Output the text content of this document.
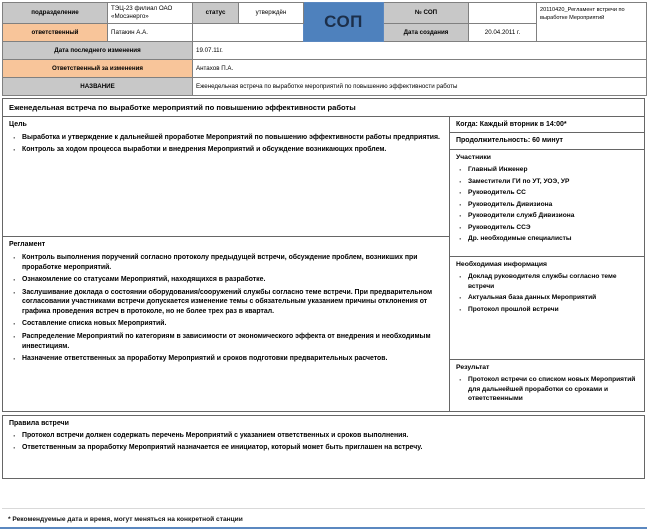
подразделение	ТЭЦ-23 филиал ОАО «Мосэнерго»	статус	утверждён	СОП	№ СОП		20110420_Регламент встречи по выработке Мероприятий
ответственный	Патакин А.А.				Дата создания	20.04.2011 г.	
Дата последнего изменения		19.07.11г.					
Ответственный за изменения		Антахов П.А.					
НАЗВАНИЕ		Еженедельная встреча по выработке мероприятий по повышению эффективности работы					
Еженедельная встреча по выработке мероприятий по повышению эффективности работы
Цель
· Выработка и утверждение к дальнейшей проработке Мероприятий по повышению эффективности работы предприятия.
· Контроль за ходом процесса выработки и внедрения Мероприятий и обсуждение возникающих проблем.
Регламент
· Контроль выполнения поручений согласно протоколу предыдущей встречи, обсуждение проблем, возникших при проработке мероприятий.
· Ознакомление со статусами Мероприятий, находящихся в разработке.
· Заслушивание доклада о состоянии оборудования/сооружений службы согласно теме встречи. При предварительном согласовании участниками встречи допускается изменение темы с обязательным указанием причины отклонения от графика проведения встреч в протоколе, но не более трех раз в квартал.
· Составление списка новых Мероприятий.
· Распределение Мероприятий по категориям в зависимости от экономического эффекта от внедрения и необходимым инвестициям.
· Назначение ответственных за проработку Мероприятий и сроков подготовки предварительных расчетов.
Когда: Каждый вторник в 14:00*
Продолжительность: 60 минут
Участники
· Главный Инженер
· Заместители ГИ по УТ, УОЭ, УР
· Руководитель СС
· Руководитель Дивизиона
· Руководители служб Дивизиона
· Руководитель ССЭ
· Др. необходимые специалисты
Необходимая информация
· Доклад руководителя службы согласно теме встречи
· Актуальная база данных Мероприятий
· Протокол прошлой встречи
Результат
· Протокол встречи со списком новых Мероприятий для дальнейшей проработки со сроками и ответственными
Правила встречи
· Протокол встречи должен содержать перечень Мероприятий с указанием ответственных и сроков выполнения.
· Ответственным за проработку Мероприятий назначается ее инициатор, который может быть приглашен на встречу.
* Рекомендуемые дата и время, могут меняться на конкретной станции
